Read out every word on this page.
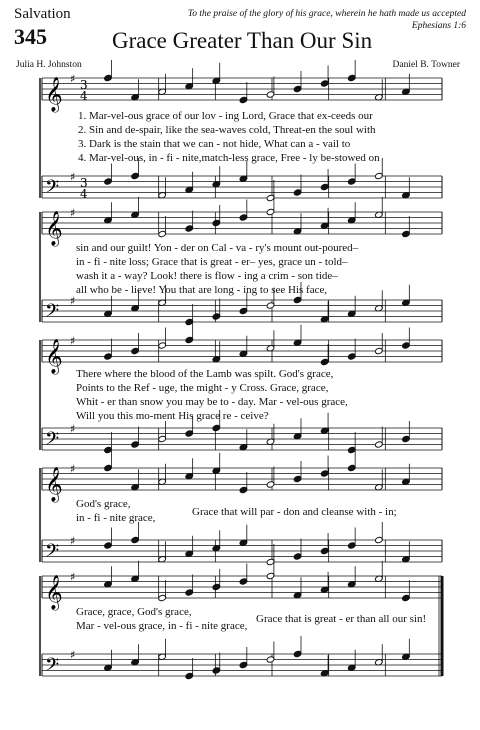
𝄞 ♯ 3
4
𝄢
♯ 3
4
𝄞 ♯
𝄢
♯
𝄞 ♯
𝄢
♯
𝄞 ♯
𝄢
♯
𝄞 ♯
𝄢
♯
Salvation
345	Grace Greater Than Our Sin
To the praise of the glory of his grace, wherein he hath made us accepted
Ephesians 1:6
Julia H. Johnston	Daniel B. Towner
1. Mar-vel-ous grace of our lov - ing Lord, Grace that ex-ceeds our
2. Sin and de-spair, like the sea-waves cold, Threat-en the soul with
3. Dark is the stain that we can - not hide, What can a - vail to
4. Mar-vel-ous, in - fi - nite,match-less grace, Free - ly be-stowed on
sin and our guilt! Yon - der on Cal - va - ry's mount out-poured–
in - fi - nite loss; Grace that is great - er– yes, grace un - told–
wash it a - way? Look! there is flow - ing a crim - son tide–
all who be - lieve! You that are long - ing to see His face,
There where the blood of the Lamb was spilt. God's grace,
Points to the Ref - uge, the might - y Cross. Grace, grace,
Whit - er than snow you may be to - day. Mar - vel-ous grace,
Will you this mo-ment His grace re - ceive?
God's grace,
in - fi - nite grace,	Grace that will par - don and cleanse with - in;
Grace, grace, God's grace,
Mar - vel-ous grace, in - fi - nite grace,
Grace that is great - er than all our sin!
